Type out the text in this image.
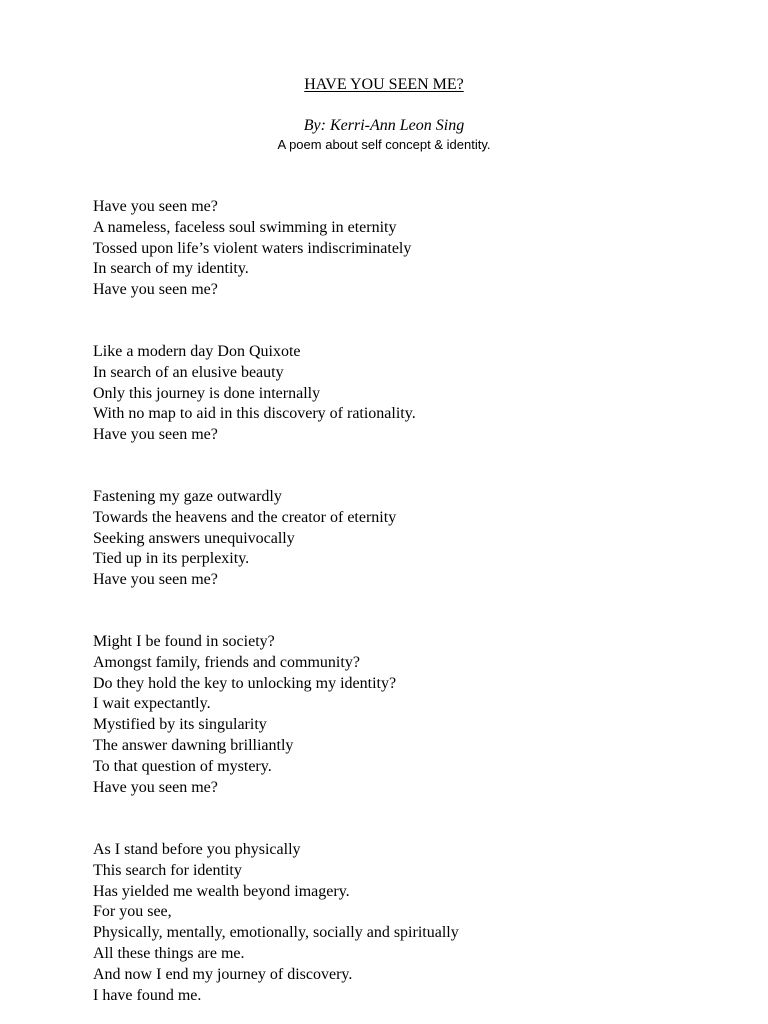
HAVE YOU SEEN ME?
By: Kerri-Ann Leon Sing
A poem about self concept & identity.
Have you seen me?
A nameless, faceless soul swimming in eternity
Tossed upon life’s violent waters indiscriminately
In search of my identity.
Have you seen me?
Like a modern day Don Quixote
In search of an elusive beauty
Only this journey is done internally
With no map to aid in this discovery of rationality.
Have you seen me?
Fastening my gaze outwardly
Towards the heavens and the creator of eternity
Seeking answers unequivocally
Tied up in its perplexity.
Have you seen me?
Might I be found in society?
Amongst family, friends and community?
Do they hold the key to unlocking my identity?
I wait expectantly.
Mystified by its singularity
The answer dawning brilliantly
To that question of mystery.
Have you seen me?
As I stand before you physically
This search for identity
Has yielded me wealth beyond imagery.
For you see,
Physically, mentally, emotionally, socially and spiritually
All these things are me.
And now I end my journey of discovery.
I have found me.
